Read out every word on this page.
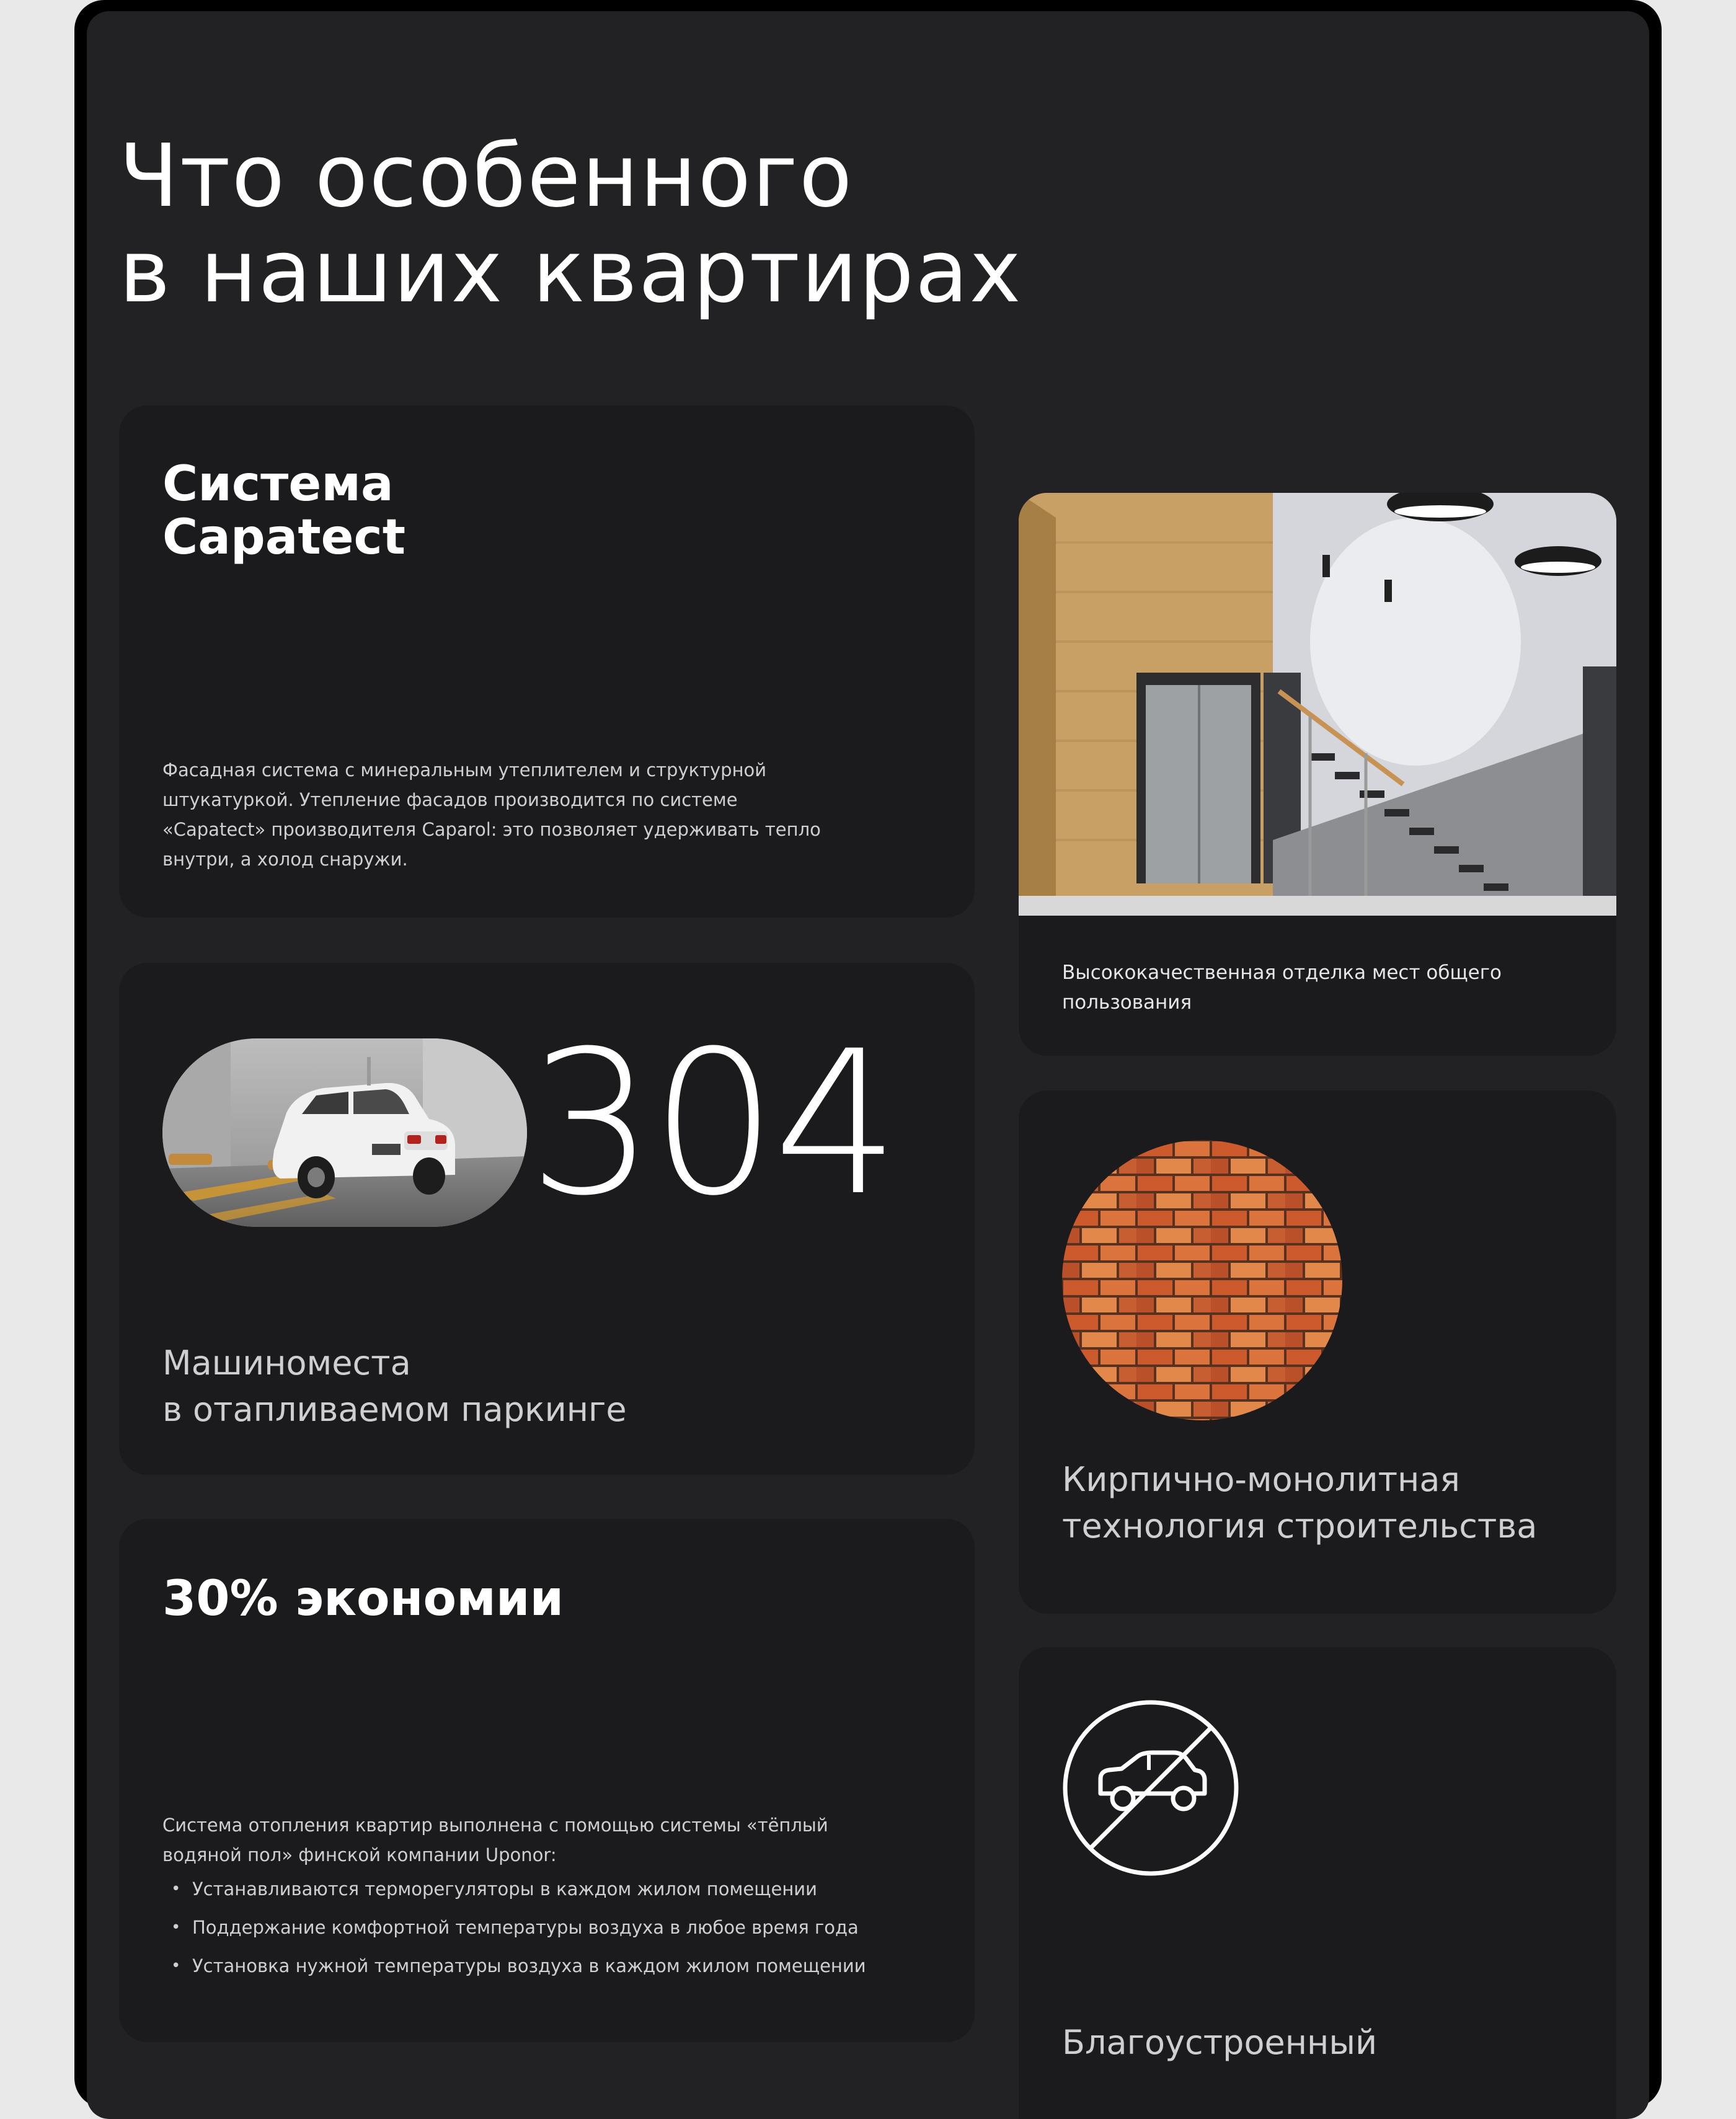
Что особенного
в наших квартирах
Система
Capatect

Фасадная система с минеральным утеплителем и структурной
штукатуркой. Утепление фасадов производится по системе
«Capatect» производителя Caparol: это позволяет удерживать тепло
внутри, а холод снаружи.

304

Машиноместа
в отапливаемом паркинге

30% экономии

Система отопления квартир выполнена с помощью системы «тёплый
водяной пол» финской компании Uponor:

• Устанавливаются терморегуляторы в каждом жилом помещении
• Поддержание комфортной температуры воздуха в любое время года
• Установка нужной температуры воздуха в каждом жилом помещении

Высококачественная отделка мест общего
пользования

Кирпично-монолитная
технология строительства

Благоустроенный
